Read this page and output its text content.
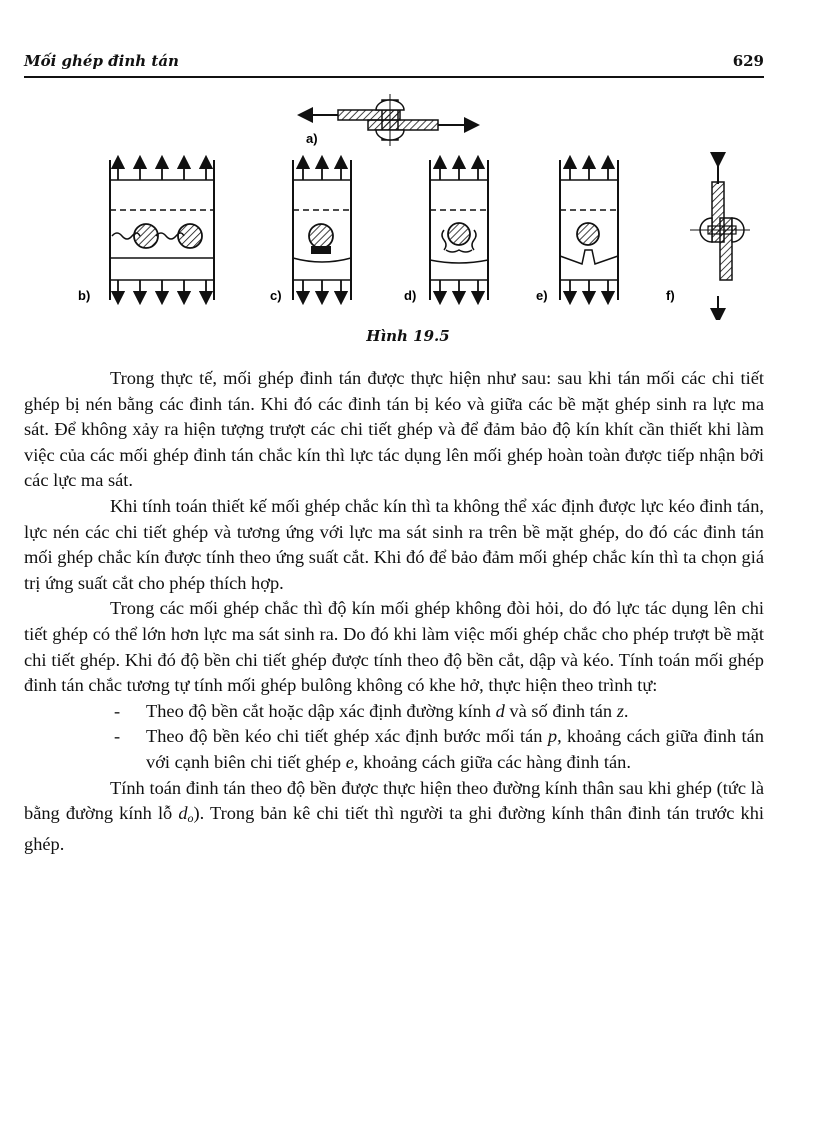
Mối ghép đinh tán	629
a)
b)	c)	d)	e)	f)
Hình 19.5

Trong thực tế, mối ghép đinh tán được thực hiện như sau: sau khi tán mối các chi tiết ghép bị nén bằng các đinh tán. Khi đó các đinh tán bị kéo và giữa các bề mặt ghép sinh ra lực ma sát. Để không xảy ra hiện tượng trượt các chi tiết ghép và để đảm bảo độ kín khít cần thiết khi làm việc của các mối ghép đinh tán chắc kín thì lực tác dụng lên mối ghép hoàn toàn được tiếp nhận bởi các lực ma sát.

Khi tính toán thiết kế mối ghép chắc kín thì ta không thể xác định được lực kéo đinh tán, lực nén các chi tiết ghép và tương ứng với lực ma sát sinh ra trên bề mặt ghép, do đó các đinh tán mối ghép chắc kín được tính theo ứng suất cắt. Khi đó để bảo đảm mối ghép chắc kín thì ta chọn giá trị ứng suất cắt cho phép thích hợp.

Trong các mối ghép chắc thì độ kín mối ghép không đòi hỏi, do đó lực tác dụng lên chi tiết ghép có thể lớn hơn lực ma sát sinh ra. Do đó khi làm việc mối ghép chắc cho phép trượt bề mặt chi tiết ghép. Khi đó độ bền chi tiết ghép được tính theo độ bền cắt, dập và kéo. Tính toán mối ghép đinh tán chắc tương tự tính mối ghép bulông không có khe hở, thực hiện theo trình tự:

- Theo độ bền cắt hoặc dập xác định đường kính d và số đinh tán z.

- Theo độ bền kéo chi tiết ghép xác định bước mối tán p, khoảng cách giữa đinh tán với cạnh biên chi tiết ghép e, khoảng cách giữa các hàng đinh tán.

Tính toán đinh tán theo độ bền được thực hiện theo đường kính thân sau khi ghép (tức là bằng đường kính lỗ $d_o$). Trong bản kê chi tiết thì người ta ghi đường kính thân đinh tán trước khi ghép.
